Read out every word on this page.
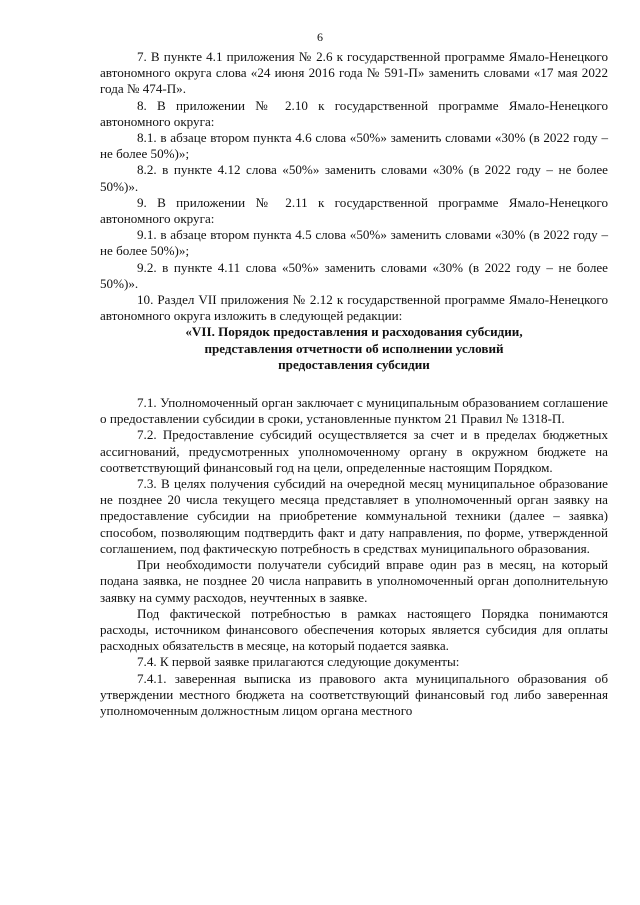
6

7. В пункте 4.1 приложения № 2.6 к государственной программе Ямало-Ненецкого автономного округа слова «24 июня 2016 года № 591-П» заменить словами «17 мая 2022 года № 474-П».

8. В приложении № 2.10 к государственной программе Ямало-Ненецкого автономного округа:

8.1. в абзаце втором пункта 4.6 слова «50%» заменить словами «30% (в 2022 году – не более 50%)»;

8.2. в пункте 4.12 слова «50%» заменить словами «30% (в 2022 году – не более 50%)».

9. В приложении № 2.11 к государственной программе Ямало-Ненецкого автономного округа:

9.1. в абзаце втором пункта 4.5 слова «50%» заменить словами «30% (в 2022 году – не более 50%)»;

9.2. в пункте 4.11 слова «50%» заменить словами «30% (в 2022 году – не более 50%)».

10. Раздел VII приложения № 2.12 к государственной программе Ямало-Ненецкого автономного округа изложить в следующей редакции:

«VII. Порядок предоставления и расходования субсидии,
представления отчетности об исполнении условий
предоставления субсидии

7.1. Уполномоченный орган заключает с муниципальным образованием соглашение о предоставлении субсидии в сроки, установленные пунктом 21 Правил № 1318-П.

7.2. Предоставление субсидий осуществляется за счет и в пределах бюджетных ассигнований, предусмотренных уполномоченному органу в окружном бюджете на соответствующий финансовый год на цели, определенные настоящим Порядком.

7.3. В целях получения субсидий на очередной месяц муниципальное образование не позднее 20 числа текущего месяца представляет в уполномоченный орган заявку на предоставление субсидии на приобретение коммунальной техники (далее – заявка) способом, позволяющим подтвердить факт и дату направления, по форме, утвержденной соглашением, под фактическую потребность в средствах муниципального образования.

При необходимости получатели субсидий вправе один раз в месяц, на который подана заявка, не позднее 20 числа направить в уполномоченный орган дополнительную заявку на сумму расходов, неучтенных в заявке.

Под фактической потребностью в рамках настоящего Порядка понимаются расходы, источником финансового обеспечения которых является субсидия для оплаты расходных обязательств в месяце, на который подается заявка.

7.4. К первой заявке прилагаются следующие документы:

7.4.1. заверенная выписка из правового акта муниципального образования об утверждении местного бюджета на соответствующий финансовый год либо заверенная уполномоченным должностным лицом органа местного
